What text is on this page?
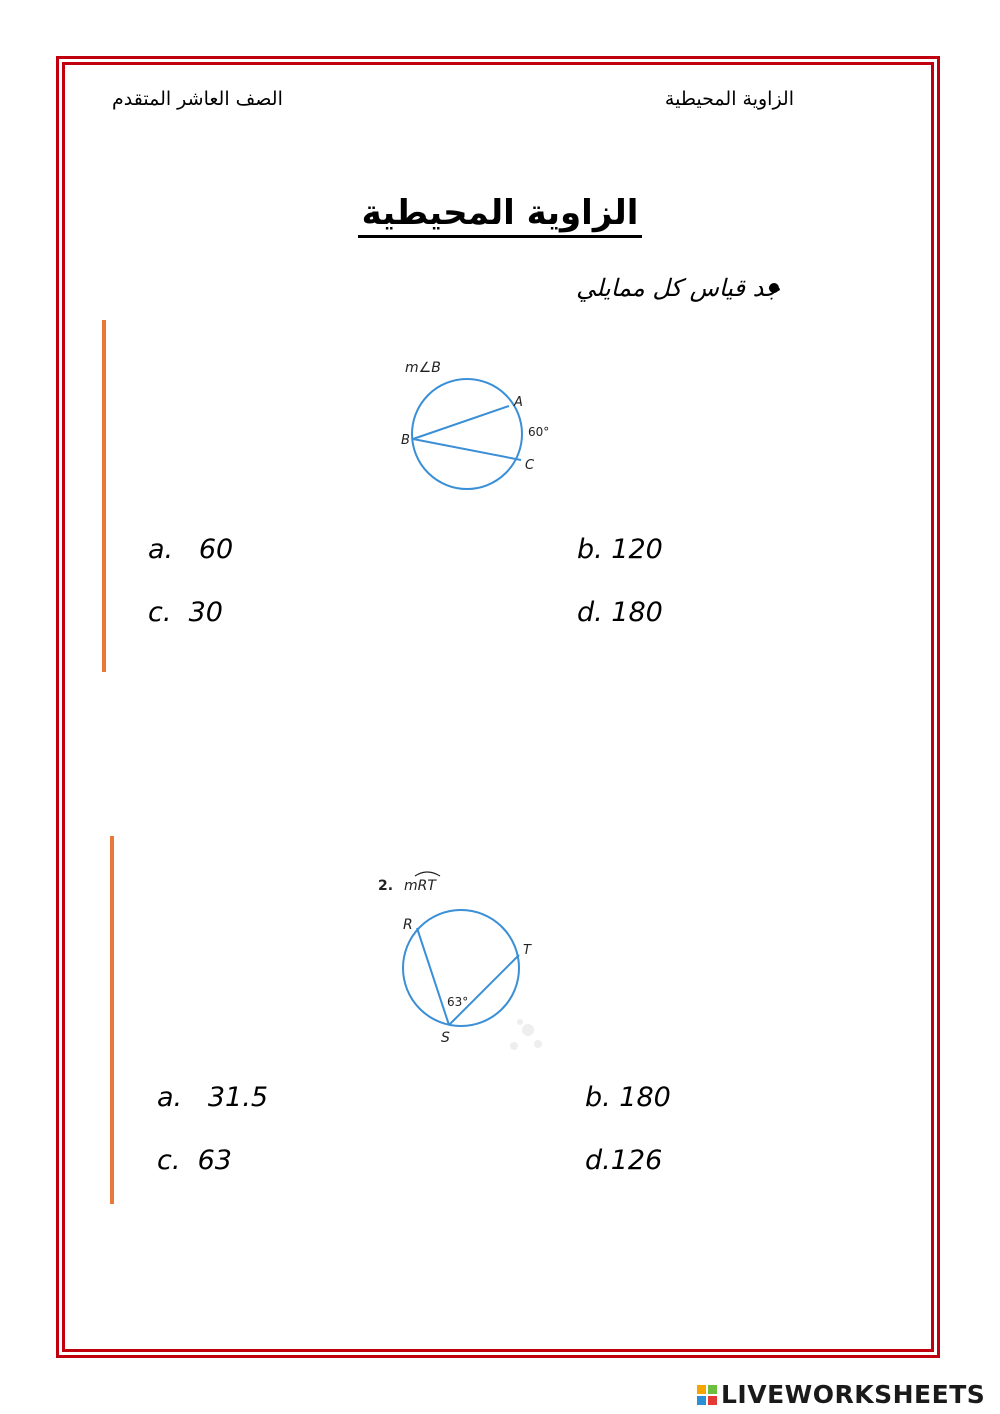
الصف العاشر المتقدم	الزاوية المحيطية
الزاوية المحيطية
جد قياس كل ممايلي
m∠B
A
60°
C
B
a.   60	b. 120
c.  30	d. 180
2. mRT
R
T
63°
S
a.   31.5	b. 180
c.  63	d.126
LIVEWORKSHEETS
